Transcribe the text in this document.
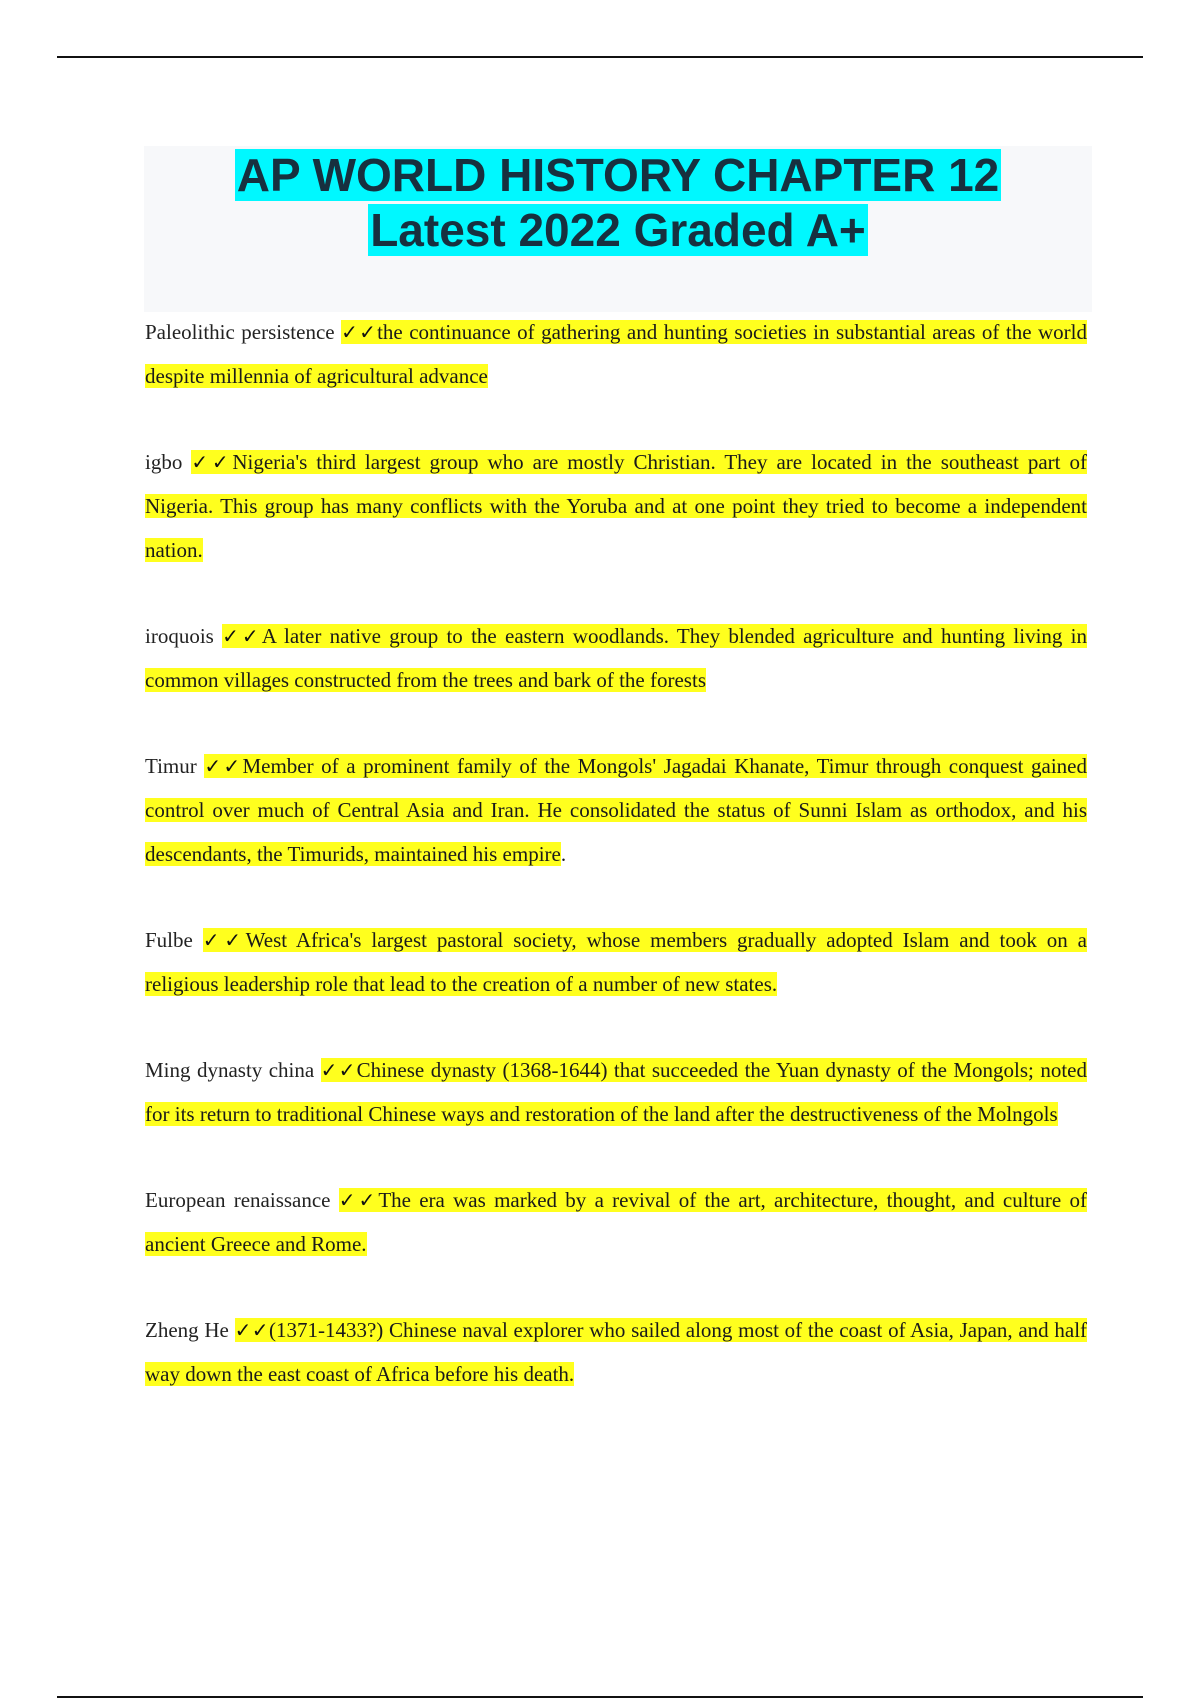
AP WORLD HISTORY CHAPTER 12
Latest 2022 Graded A+

Paleolithic persistence ✓✓the continuance of gathering and hunting societies in substantial areas of the world despite millennia of agricultural advance

igbo ✓✓Nigeria's third largest group who are mostly Christian. They are located in the southeast part of Nigeria. This group has many conflicts with the Yoruba and at one point they tried to become a independent nation.

iroquois ✓✓A later native group to the eastern woodlands. They blended agriculture and hunting living in common villages constructed from the trees and bark of the forests

Timur ✓✓Member of a prominent family of the Mongols' Jagadai Khanate, Timur through conquest gained control over much of Central Asia and Iran. He consolidated the status of Sunni Islam as orthodox, and his descendants, the Timurids, maintained his empire.

Fulbe ✓✓West Africa's largest pastoral society, whose members gradually adopted Islam and took on a religious leadership role that lead to the creation of a number of new states.

Ming dynasty china ✓✓Chinese dynasty (1368-1644) that succeeded the Yuan dynasty of the Mongols; noted for its return to traditional Chinese ways and restoration of the land after the destructiveness of the Molngols

European renaissance ✓✓The era was marked by a revival of the art, architecture, thought, and culture of ancient Greece and Rome.

Zheng He ✓✓(1371-1433?) Chinese naval explorer who sailed along most of the coast of Asia, Japan, and half way down the east coast of Africa before his death.
